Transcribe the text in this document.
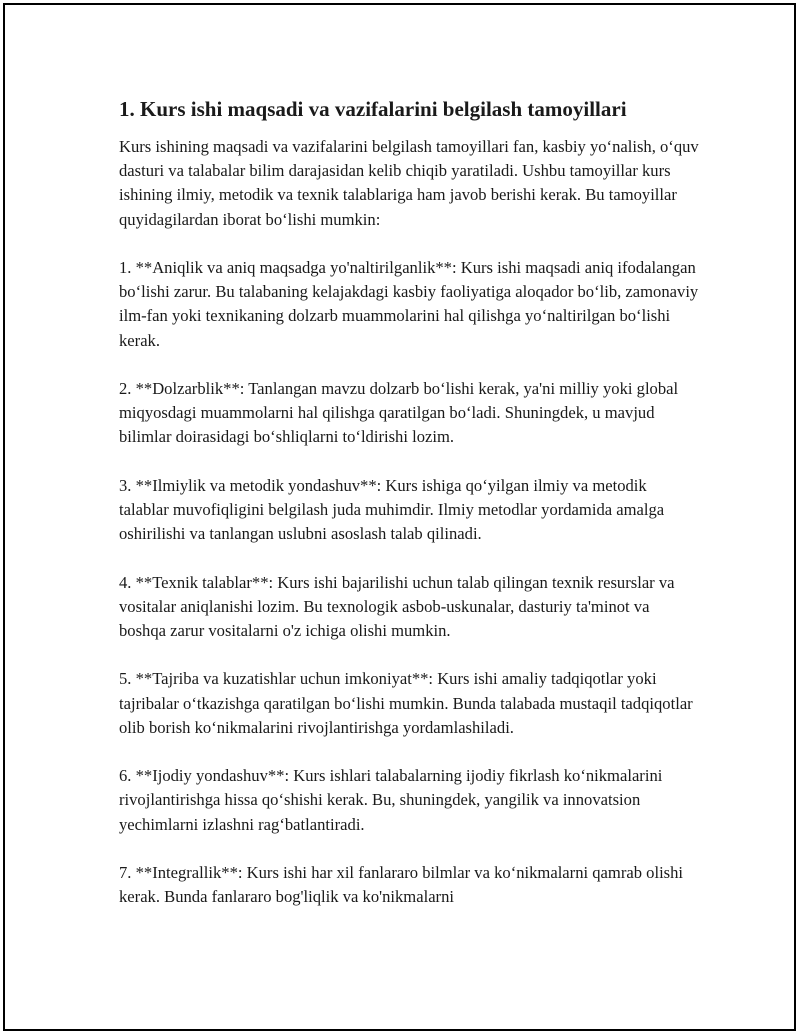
1. Kurs ishi maqsadi va vazifalarini belgilash tamoyillari

Kurs ishining maqsadi va vazifalarini belgilash tamoyillari fan, kasbiy yo‘nalish, o‘quv dasturi va talabalar bilim darajasidan kelib chiqib yaratiladi. Ushbu tamoyillar kurs ishining ilmiy, metodik va texnik talablariga ham javob berishi kerak. Bu tamoyillar quyidagilardan iborat bo‘lishi mumkin:

1. **Aniqlik va aniq maqsadga yo'naltirilganlik**: Kurs ishi maqsadi aniq ifodalangan bo‘lishi zarur. Bu talabaning kelajakdagi kasbiy faoliyatiga aloqador bo‘lib, zamonaviy ilm-fan yoki texnikaning dolzarb muammolarini hal qilishga yo‘naltirilgan bo‘lishi kerak.

2. **Dolzarblik**: Tanlangan mavzu dolzarb bo‘lishi kerak, ya'ni milliy yoki global miqyosdagi muammolarni hal qilishga qaratilgan bo‘ladi. Shuningdek, u mavjud bilimlar doirasidagi bo‘shliqlarni to‘ldirishi lozim.

3. **Ilmiylik va metodik yondashuv**: Kurs ishiga qo‘yilgan ilmiy va metodik talablar muvofiqligini belgilash juda muhimdir. Ilmiy metodlar yordamida amalga oshirilishi va tanlangan uslubni asoslash talab qilinadi.

4. **Texnik talablar**: Kurs ishi bajarilishi uchun talab qilingan texnik resurslar va vositalar aniqlanishi lozim. Bu texnologik asbob-uskunalar, dasturiy ta'minot va boshqa zarur vositalarni o'z ichiga olishi mumkin.

5. **Tajriba va kuzatishlar uchun imkoniyat**: Kurs ishi amaliy tadqiqotlar yoki tajribalar o‘tkazishga qaratilgan bo‘lishi mumkin. Bunda talabada mustaqil tadqiqotlar olib borish ko‘nikmalarini rivojlantirishga yordamlashiladi.

6. **Ijodiy yondashuv**: Kurs ishlari talabalarning ijodiy fikrlash ko‘nikmalarini rivojlantirishga hissa qo‘shishi kerak. Bu, shuningdek, yangilik va innovatsion yechimlarni izlashni rag‘batlantiradi.

7. **Integrallik**: Kurs ishi har xil fanlararo bilmlar va ko‘nikmalarni qamrab olishi kerak. Bunda fanlararo bog'liqlik va ko'nikmalarni
